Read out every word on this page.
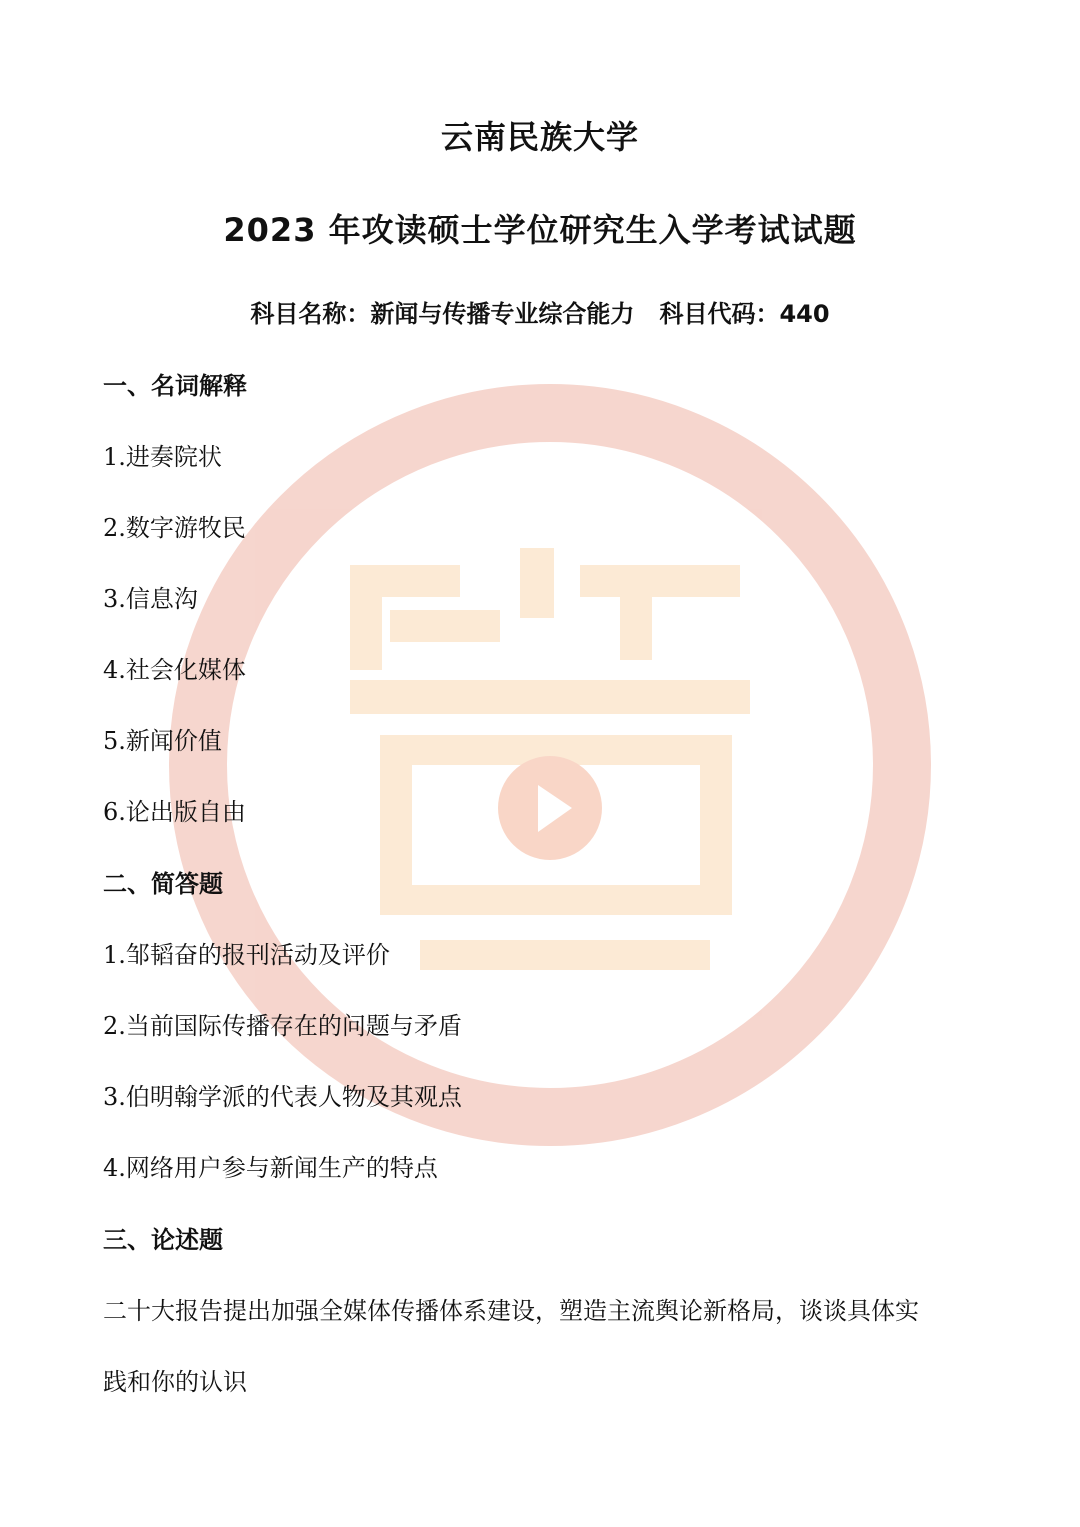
云南民族大学
2023 年攻读硕士学位研究生入学考试试题
科目名称：新闻与传播专业综合能力   科目代码：440
一、名词解释
1.进奏院状
2.数字游牧民
3.信息沟
4.社会化媒体
5.新闻价值
6.论出版自由
二、简答题
1.邹韬奋的报刊活动及评价
2.当前国际传播存在的问题与矛盾
3.伯明翰学派的代表人物及其观点
4.网络用户参与新闻生产的特点
三、论述题
二十大报告提出加强全媒体传播体系建设，塑造主流舆论新格局，谈谈具体实
践和你的认识
